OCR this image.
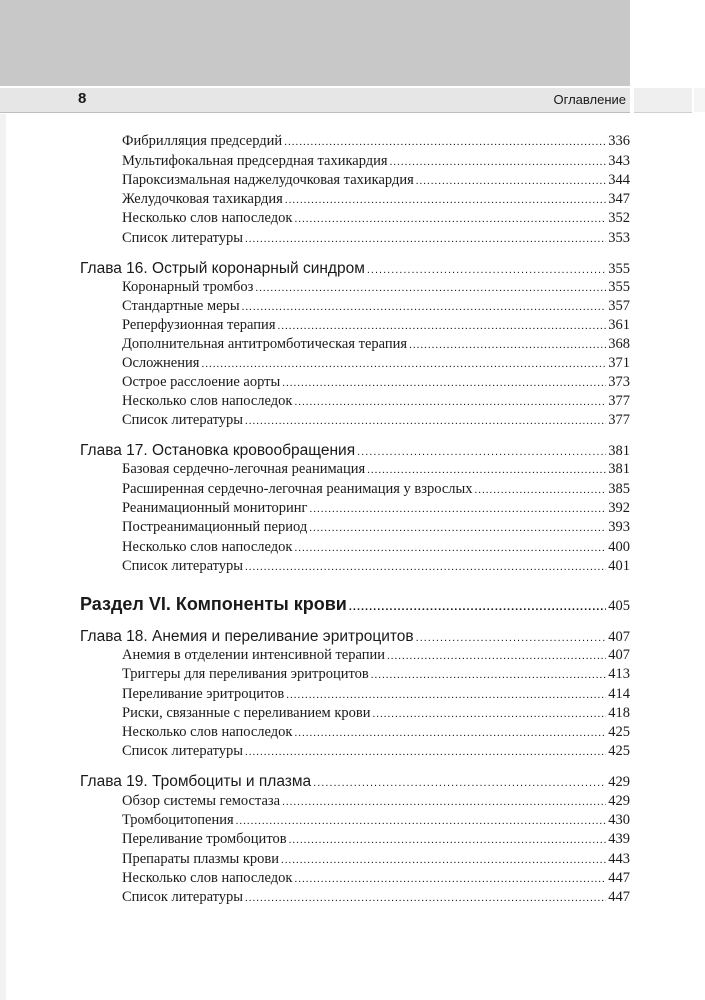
8	Оглавление
Фибрилляция предсердий .....	336
Мультифокальная предсердная тахикардия .....	343
Пароксизмальная наджелудочковая тахикардия .....	344
Желудочковая тахикардия .....	347
Несколько слов напоследок .....	352
Список литературы .....	353
Глава 16. Острый коронарный синдром .....	355
Коронарный тромбоз .....	355
Стандартные меры .....	357
Реперфузионная терапия .....	361
Дополнительная антитромботическая терапия .....	368
Осложнения .....	371
Острое расслоение аорты .....	373
Несколько слов напоследок .....	377
Список литературы .....	377
Глава 17. Остановка кровообращения .....	381
Базовая сердечно-легочная реанимация .....	381
Расширенная сердечно-легочная реанимация у взрослых .....	385
Реанимационный мониторинг .....	392
Постреанимационный период .....	393
Несколько слов напоследок .....	400
Список литературы .....	401
Раздел VI. Компоненты крови .....	405
Глава 18. Анемия и переливание эритроцитов .....	407
Анемия в отделении интенсивной терапии .....	407
Триггеры для переливания эритроцитов .....	413
Переливание эритроцитов .....	414
Риски, связанные с переливанием крови .....	418
Несколько слов напоследок .....	425
Список литературы .....	425
Глава 19. Тромбоциты и плазма .....	429
Обзор системы гемостаза .....	429
Тромбоцитопения .....	430
Переливание тромбоцитов .....	439
Препараты плазмы крови .....	443
Несколько слов напоследок .....	447
Список литературы .....	447
